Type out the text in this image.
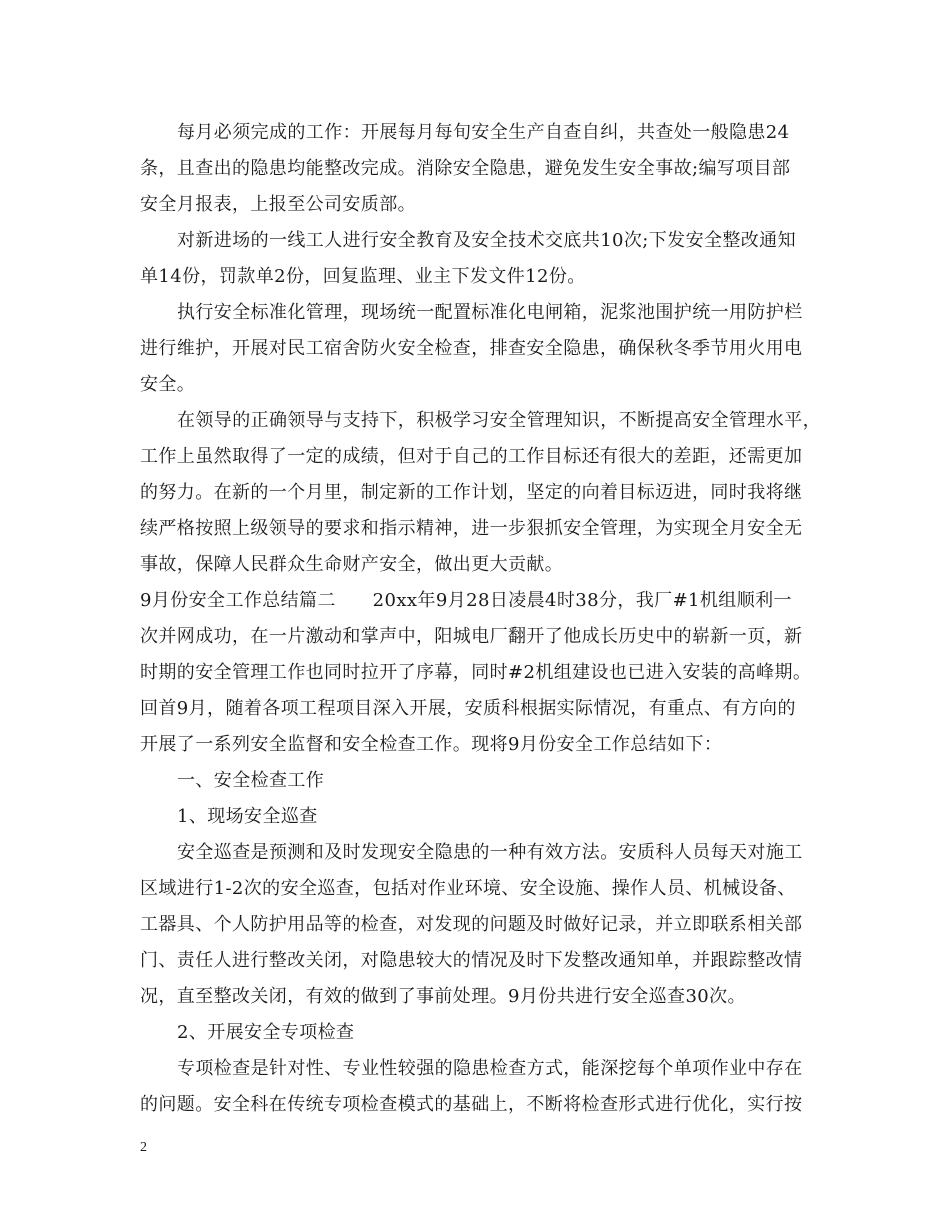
每月必须完成的工作：开展每月每旬安全生产自查自纠，共查处一般隐患24
条，且查出的隐患均能整改完成。消除安全隐患，避免发生安全事故;编写项目部
安全月报表，上报至公司安质部。
对新进场的一线工人进行安全教育及安全技术交底共10次;下发安全整改通知
单14份，罚款单2份，回复监理、业主下发文件12份。
执行安全标准化管理，现场统一配置标准化电闸箱，泥浆池围护统一用防护栏
进行维护，开展对民工宿舍防火安全检查，排查安全隐患，确保秋冬季节用火用电
安全。
在领导的正确领导与支持下，积极学习安全管理知识，不断提高安全管理水平，
工作上虽然取得了一定的成绩，但对于自己的工作目标还有很大的差距，还需更加
的努力。在新的一个月里，制定新的工作计划，坚定的向着目标迈进，同时我将继
续严格按照上级领导的要求和指示精神，进一步狠抓安全管理，为实现全月安全无
事故，保障人民群众生命财产安全，做出更大贡献。
9月份安全工作总结篇二　　20xx年9月28日凌晨4时38分，我厂#1机组顺利一
次并网成功，在一片激动和掌声中，阳城电厂翻开了他成长历史中的崭新一页，新
时期的安全管理工作也同时拉开了序幕，同时#2机组建设也已进入安装的高峰期。
回首9月，随着各项工程项目深入开展，安质科根据实际情况，有重点、有方向的
开展了一系列安全监督和安全检查工作。现将9月份安全工作总结如下：
一、安全检查工作
1、现场安全巡查
安全巡查是预测和及时发现安全隐患的一种有效方法。安质科人员每天对施工
区域进行1-2次的安全巡查，包括对作业环境、安全设施、操作人员、机械设备、
工器具、个人防护用品等的检查，对发现的问题及时做好记录，并立即联系相关部
门、责任人进行整改关闭，对隐患较大的情况及时下发整改通知单，并跟踪整改情
况，直至整改关闭，有效的做到了事前处理。9月份共进行安全巡查30次。
2、开展安全专项检查
专项检查是针对性、专业性较强的隐患检查方式，能深挖每个单项作业中存在
的问题。安全科在传统专项检查模式的基础上，不断将检查形式进行优化，实行按
2
